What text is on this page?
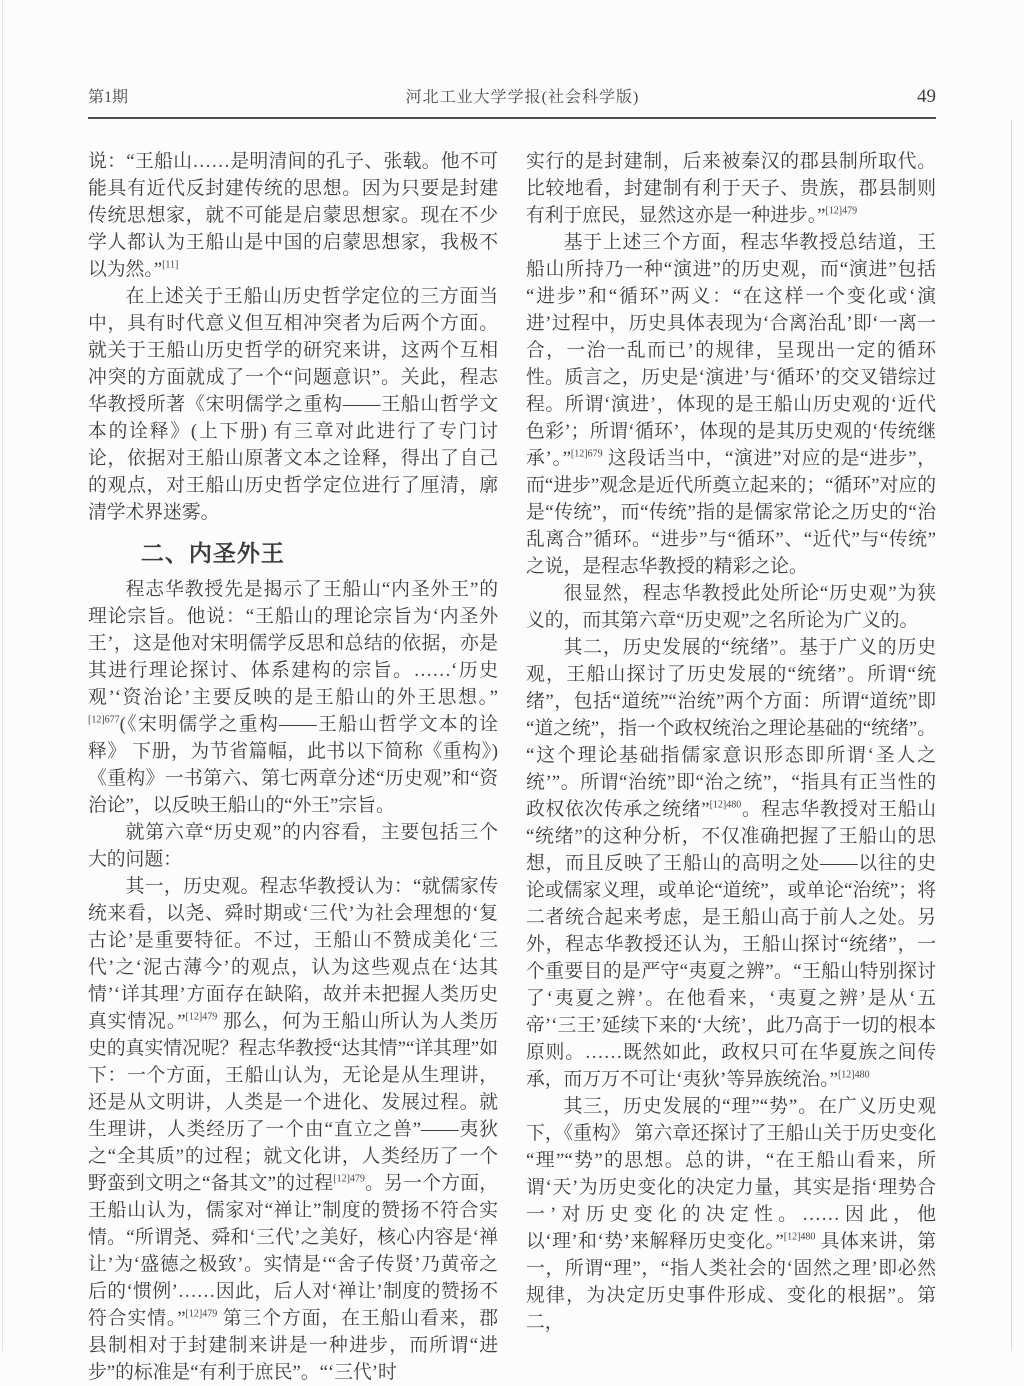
第1期	河北工业大学学报(社会科学版)	49

说：“王船山……是明清间的孔子、张载。他不可能具有近代反封建传统的思想。因为只要是封建传统思想家，就不可能是启蒙思想家。现在不少学人都认为王船山是中国的启蒙思想家，我极不以为然。”[11]

在上述关于王船山历史哲学定位的三方面当中，具有时代意义但互相冲突者为后两个方面。就关于王船山历史哲学的研究来讲，这两个互相冲突的方面就成了一个“问题意识”。关此，程志华教授所著《宋明儒学之重构——王船山哲学文本的诠释》(上下册) 有三章对此进行了专门讨论，依据对王船山原著文本之诠释，得出了自己的观点，对王船山历史哲学定位进行了厘清，廓清学术界迷雾。

二、内圣外王

程志华教授先是揭示了王船山“内圣外王”的理论宗旨。他说：“王船山的理论宗旨为‘内圣外王’，这是他对宋明儒学反思和总结的依据，亦是其进行理论探讨、体系建构的宗旨。……‘历史观’‘资治论’主要反映的是王船山的外王思想。”$^{[12]677}$(《宋明儒学之重构——王船山哲学文本的诠释》 下册，为节省篇幅，此书以下简称《重构》)《重构》一书第六、第七两章分述“历史观”和“资治论”，以反映王船山的“外王”宗旨。

就第六章“历史观”的内容看，主要包括三个大的问题：

其一，历史观。程志华教授认为：“就儒家传统来看，以尧、舜时期或‘三代’为社会理想的‘复古论’是重要特征。不过，王船山不赞成美化‘三代’之‘泥古薄今’的观点，认为这些观点在‘达其情’‘详其理’方面存在缺陷，故并未把握人类历史真实情况。”$^{[12]479}$ 那么，何为王船山所认为人类历史的真实情况呢？程志华教授“达其情”“详其理”如下：一个方面，王船山认为，无论是从生理讲，还是从文明讲，人类是一个进化、发展过程。就生理讲，人类经历了一个由“直立之兽”——夷狄之“全其质”的过程；就文化讲，人类经历了一个野蛮到文明之“备其文”的过程$^{[12]479}$。另一个方面，王船山认为，儒家对“禅让”制度的赞扬不符合实情。“所谓尧、舜和‘三代’之美好，核心内容是‘禅让’为‘盛德之极致’。实情是‘“舍子传贤’乃黄帝之后的‘惯例’……因此，后人对‘禅让’制度的赞扬不符合实情。”$^{[12]479}$ 第三个方面，在王船山看来，郡县制相对于封建制来讲是一种进步，而所谓“进步”的标准是“有利于庶民”。“‘三代’时

实行的是封建制，后来被秦汉的郡县制所取代。比较地看，封建制有利于天子、贵族，郡县制则有利于庶民，显然这亦是一种进步。”$^{[12]479}$

基于上述三个方面，程志华教授总结道，王船山所持乃一种“演进”的历史观，而“演进”包括“进步”和“循环”两义：“在这样一个变化或‘演进’过程中，历史具体表现为‘合离治乱’即‘一离一合，一治一乱而已’的规律，呈现出一定的循环性。质言之，历史是‘演进’与‘循环’的交叉错综过程。所谓‘演进’，体现的是王船山历史观的‘近代色彩’；所谓‘循环’，体现的是其历史观的‘传统继承’。”$^{[12]679}$ 这段话当中，“演进”对应的是“进步”，而“进步”观念是近代所奠立起来的；“循环”对应的是“传统”，而“传统”指的是儒家常论之历史的“治乱离合”循环。“进步”与“循环”、“近代”与“传统”之说，是程志华教授的精彩之论。

很显然，程志华教授此处所论“历史观”为狭义的，而其第六章“历史观”之名所论为广义的。

其二，历史发展的“统绪”。基于广义的历史观，王船山探讨了历史发展的“统绪”。所谓“统绪”，包括“道统”“治统”两个方面：所谓“道统”即“道之统”，指一个政权统治之理论基础的“统绪”。“这个理论基础指儒家意识形态即所谓‘圣人之统’”。所谓“治统”即“治之统”，“指具有正当性的政权依次传承之统绪”$^{[12]480}$。程志华教授对王船山“统绪”的这种分析，不仅准确把握了王船山的思想，而且反映了王船山的高明之处——以往的史论或儒家义理，或单论“道统”，或单论“治统”；将二者统合起来考虑，是王船山高于前人之处。另外，程志华教授还认为，王船山探讨“统绪”，一个重要目的是严守“夷夏之辨”。“王船山特别探讨了‘夷夏之辨’。在他看来，‘夷夏之辨’是从‘五帝’‘三王’延续下来的‘大统’，此乃高于一切的根本原则。……既然如此，政权只可在华夏族之间传承，而万万不可让‘夷狄’等异族统治。”$^{[12]480}$

其三，历史发展的“理”“势”。在广义历史观下，《重构》 第六章还探讨了王船山关于历史变化“理”“势”的思想。总的讲，“在王船山看来，所谓‘天’为历史变化的决定力量，其实是指‘理势合一’对历史变化的决定性。……因此，他以‘理’和‘势’来解释历史变化。”$^{[12]480}$ 具体来讲，第一，所谓“理”，“指人类社会的‘固然之理’即必然规律，为决定历史事件形成、变化的根据”。第二，
